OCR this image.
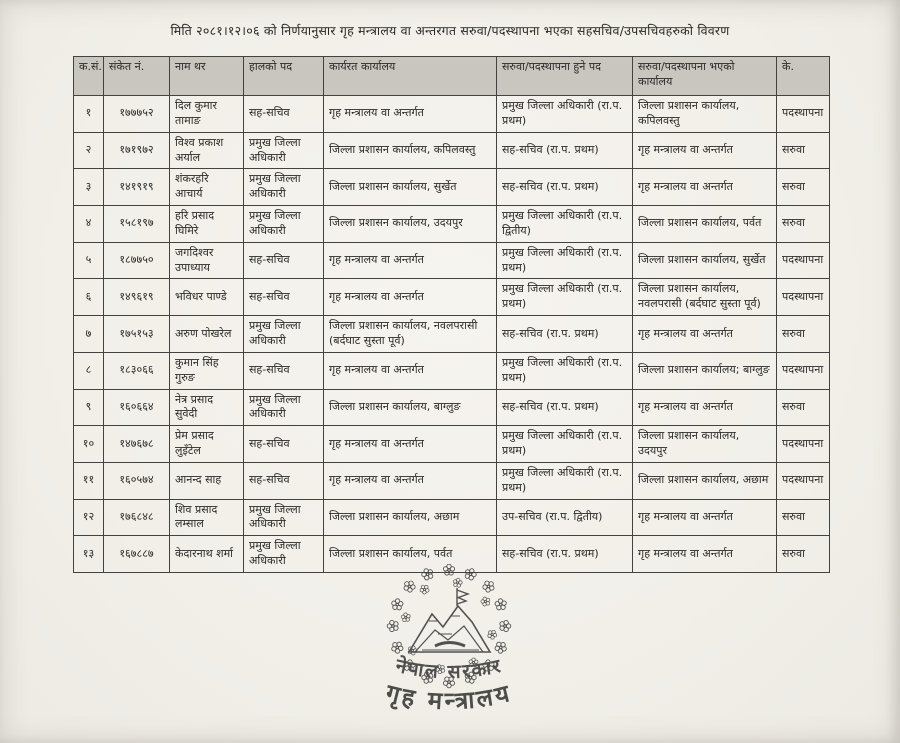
मिति २०८१।१२।०६ को निर्णयानुसार गृह मन्त्रालय वा अन्तरगत सरुवा/पदस्थापना भएका सहसचिव/उपसचिवहरुको विवरण
क.सं.	संकेत नं.	नाम थर	हालको पद	कार्यरत कार्यालय	सरुवा/पदस्थापना हुने पद	सरुवा/पदस्थापना भएको कार्यालय	के.
१	१७७७५२	दिल कुमार तामाङ	सह-सचिव	गृह मन्त्रालय वा अन्तर्गत	प्रमुख जिल्ला अधिकारी (रा.प. प्रथम)	जिल्ला प्रशासन कार्यालय, कपिलवस्तु	पदस्थापना
२	१७१९७२	विश्व प्रकाश अर्याल	प्रमुख जिल्ला अधिकारी	जिल्ला प्रशासन कार्यालय, कपिलवस्तु	सह-सचिव (रा.प. प्रथम)	गृह मन्त्रालय वा अन्तर्गत	सरुवा
३	१४१९१९	शंकरहरि आचार्य	प्रमुख जिल्ला अधिकारी	जिल्ला प्रशासन कार्यालय, सुर्खेत	सह-सचिव (रा.प. प्रथम)	गृह मन्त्रालय वा अन्तर्गत	सरुवा
४	१५८१९७	हरि प्रसाद घिमिरे	प्रमुख जिल्ला अधिकारी	जिल्ला प्रशासन कार्यालय, उदयपुर	प्रमुख जिल्ला अधिकारी (रा.प. द्वितीय)	जिल्ला प्रशासन कार्यालय, पर्वत	सरुवा
५	१८७७५०	जगदिश्वर उपाध्याय	सह-सचिव	गृह मन्त्रालय वा अन्तर्गत	प्रमुख जिल्ला अधिकारी (रा.प. प्रथम)	जिल्ला प्रशासन कार्यालय, सुर्खेत	पदस्थापना
६	१४९६१९	भविधर पाण्डे	सह-सचिव	गृह मन्त्रालय वा अन्तर्गत	प्रमुख जिल्ला अधिकारी (रा.प. प्रथम)	जिल्ला प्रशासन कार्यालय, नवलपरासी (बर्दघाट सुस्ता पूर्व)	पदस्थापना
७	१७५१५३	अरुण पोखरेल	प्रमुख जिल्ला अधिकारी	जिल्ला प्रशासन कार्यालय, नवलपरासी (बर्दघाट सुस्ता पूर्व)	सह-सचिव (रा.प. प्रथम)	गृह मन्त्रालय वा अन्तर्गत	सरुवा
८	१८३०६६	कुमान सिंह गुरुङ	सह-सचिव	गृह मन्त्रालय वा अन्तर्गत	प्रमुख जिल्ला अधिकारी (रा.प. प्रथम)	जिल्ला प्रशासन कार्यालय; बाग्लुङ	पदस्थापना
९	१६०६६४	नेत्र प्रसाद सुवेदी	प्रमुख जिल्ला अधिकारी	जिल्ला प्रशासन कार्यालय, बाग्लुङ	सह-सचिव (रा.प. प्रथम)	गृह मन्त्रालय वा अन्तर्गत	सरुवा
१०	१४७६७८	प्रेम प्रसाद लुइँटेल	सह-सचिव	गृह मन्त्रालय वा अन्तर्गत	प्रमुख जिल्ला अधिकारी (रा.प. प्रथम)	जिल्ला प्रशासन कार्यालय, उदयपुर	पदस्थापना
११	१६०५७४	आनन्द साह	सह-सचिव	गृह मन्त्रालय वा अन्तर्गत	प्रमुख जिल्ला अधिकारी (रा.प. प्रथम)	जिल्ला प्रशासन कार्यालय, अछाम	पदस्थापना
१२	१७६८४८	शिव प्रसाद लम्साल	प्रमुख जिल्ला अधिकारी	जिल्ला प्रशासन कार्यालय, अछाम	उप-सचिव (रा.प. द्वितीय)	गृह मन्त्रालय वा अन्तर्गत	सरुवा
१३	१६७८८७	केदारनाथ शर्मा	प्रमुख जिल्ला अधिकारी	जिल्ला प्रशासन कार्यालय, पर्वत	सह-सचिव (रा.प. प्रथम)	गृह मन्त्रालय वा अन्तर्गत	सरुवा
नेपाल सरकार
गृह मन्त्रालय
